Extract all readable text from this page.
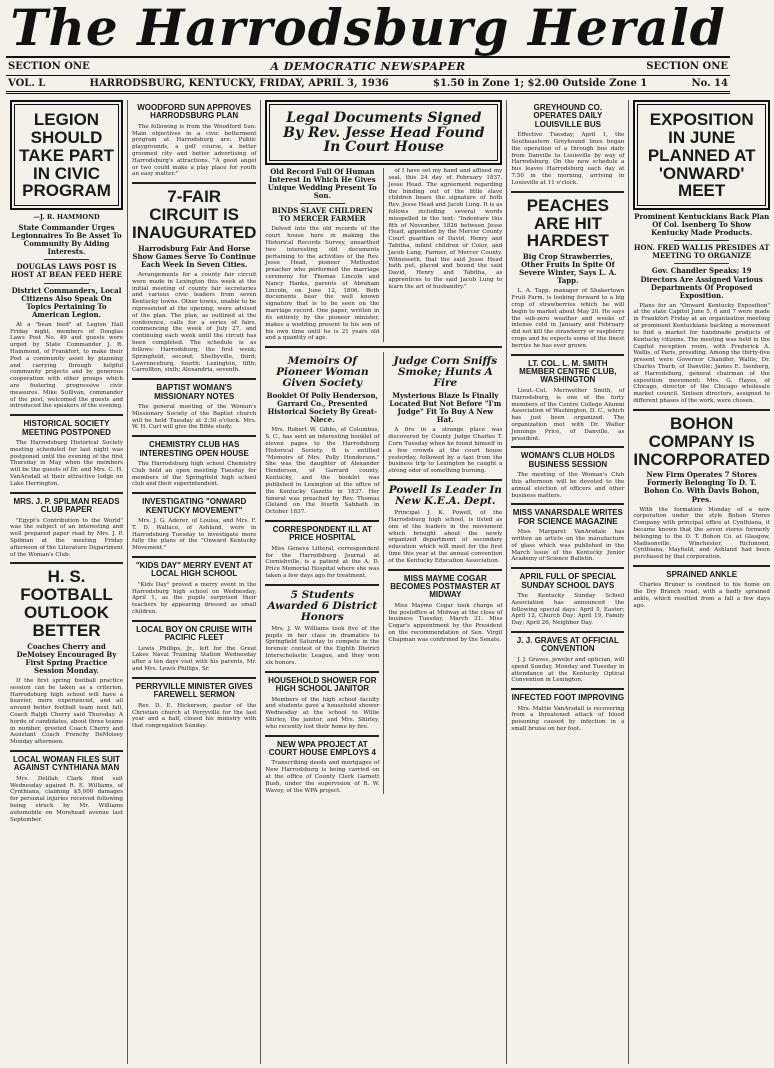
The Harrodsburg Herald
SECTION ONE	A DEMOCRATIC NEWSPAPER	SECTION ONE
VOL. L	HARRODSBURG, KENTUCKY, FRIDAY, APRIL 3, 1936	$1.50 in Zone 1; $2.00 Outside Zone 1	No. 14
LEGION SHOULD TAKE PART IN CIVIC PROGRAM
—J. R. HAMMOND
State Commander Urges Legionnaires To Be Asset To Community By Aiding Interests.
DOUGLAS LAWS POST IS HOST AT BEAN FEED HERE
District Commanders, Local Citizens Also Speak On Topics Pertaining To American Legion.

At a "bean feed" at Legion Hall Friday night, members of Douglas Laws Post No. 49 and guests were urged by State Commander J. R. Hammond, of Frankfort, to make their Post a community asset by planning and carrying through helpful community projects and by generous cooperation with other groups which are fostering progressive civic measures. Mike Sullivan, commander of the post, welcomed the guests and introduced the speakers of the evening.

HISTORICAL SOCIETY MEETING POSTPONED

The Harrodsburg Historical Society meeting scheduled for last night was postponed until the evening of the first Thursday in May when the members will be the guests of Dr. and Mrs. C. H. VanArsdall at their attractive lodge on Lake Herrington.

MRS. J. P. SPILMAN READS CLUB PAPER

"Egypt's Contribution to the World" was the subject of an interesting and well prepared paper read by Mrs. J. P. Spilman at the meeting Friday afternoon of the Literature Department of the Woman's Club.

H. S. FOOTBALL OUTLOOK BETTER
Coaches Cherry and DeMoisey Encouraged By First Spring Practice Session Monday.

If the first spring football practice session can be taken as a criterion, Harrodsburg high school will have a heavier, more experienced, and all around better football team next fall, Coach Ralph Cherry said Thursday. A horde of candidates, about three teams in number, greeted Coach Cherry and Assistant Coach Frenchy DeMoisey Monday afternoon.

LOCAL WOMAN FILES SUIT AGAINST CYNTHIANA MAN

Mrs. Delilah Clark filed suit Wednesday against R. E. Williams, of Cynthiana, claiming $5,000 damages for personal injuries received following being struck by Mr. Williams automobile on Morehead avenue last September.

WOODFORD SUN APPROVES HARRODSBURG PLAN

The following is from the Woodford Sun: Main objectives in a civic betterment program at Harrodsburg are: Public playgrounds, a golf course, a better groomed city and better advertising of Harrodsburg's attractions. "A good angel or two could make a play place for youth an easy matter."

7-FAIR CIRCUIT IS INAUGURATED
Harrodsburg Fair And Horse Show Games Serve To Continue Each Week In Seven Cities.

Arrangements for a county fair circuit were made in Lexington this week at the initial meeting of county fair secretaries and various civic leaders from seven Kentucky towns. Other towns, unable to be represented at the opening, were advised of the plan. The plan, as outlined at the conference, calls for a series of fairs, commencing the week of July 27, and continuing each week until the circuit has been completed. The schedule is as follows: Harrodsburg, the first week; Springfield, second; Shelbyville, third; Lawrenceburg, fourth; Lexington, fifth; Carrollton, sixth; Alexandria, seventh.

BAPTIST WOMAN'S MISSIONARY NOTES

The general meeting of the Woman's Missionary Society of the Baptist church will be held Tuesday at 2:30 o'clock. Mrs. W. H. Curl will give the Bible study.

CHEMISTRY CLUB HAS INTERESTING OPEN HOUSE

The Harrodsburg high school Chemistry Club held an open meeting Tuesday for members of the Springfield high school club and their superintendent.

INVESTIGATING "ONWARD KENTUCKY MOVEMENT"

Mrs. J. G. Aderer, of Louisa, and Mrs. F. T. D. Wallace, of Ashland, were in Harrodsburg Tuesday to investigate more fully the plans of the "Onward Kentucky Movement."

"KIDS DAY" MERRY EVENT AT LOCAL HIGH SCHOOL

"Kids Day" proved a merry event in the Harrodsburg high school on Wednesday, April 1, as the pupils surprised their teachers by appearing dressed as small children.

LOCAL BOY ON CRUISE WITH PACIFIC FLEET

Lewis Phillips, Jr., left for the Great Lakes Naval Training Station Wednesday after a ten days visit with his parents, Mr. and Mrs. Lewis Phillips, Sr.

PERRYVILLE MINISTER GIVES FAREWELL SERMON

Rev. D. E. Hickerson, pastor of the Christian church at Perryville for the last year and a half, closed his ministry with that congregation Sunday.

Legal Documents Signed By Rev. Jesse Head Found In Court House
Old Record Full Of Human Interest In Which He Gives Unique Wedding Present To Son.
BINDS SLAVE CHILDREN TO MERCER FARMER

Delved into the old records of the court house here in making the Historical Records Survey, unearthed two interesting old documents pertaining to the activities of the Rev. Jesse Head, pioneer Methodist preacher who performed the marriage ceremony for Thomas Lincoln and Nancy Hanks, parents of Abraham Lincoln, on June 12, 1806. Both documents bear the well known signature that is to be seen on the marriage record. One paper, written in its entirety by the pioneer minister, makes a wedding present to his son of his own time until he is 21 years old and a quantity of age.

of I have set my hand and affixed my seal, this 24 day of February 1837. Jesse Head. The agreement regarding the binding out of the little slave children bears the signature of both Rev. Jesse Head and Jacob Lung. It is as follows including several words misspelled in the text: "Indenture this 8th of November, 1826 between Jesse Head, appointed by the Mercer County Court guardian of David, Henry and Tabitha, infant children of Color, and Jacob Lung, Farmer, of Mercer County. Witnesseth, that the said Jesse Head hath put, placed and bound the said David, Henry and Tabitha, as apprentices to the said Jacob Lung to learn the art of husbandry."

Memoirs Of Pioneer Woman Given Society
Booklet Of Polly Henderson, Garrard Co., Presented Historical Society By Great-Niece.

Mrs. Robert W. Gibbs, of Columbus, S. C., has sent an interesting booklet of eleven pages to the Harrodsburg Historical Society. It is entitled "Memoirs of Mrs. Polly Henderson." She was the daughter of Alexander Henderson, of Garrard county, Kentucky, and the booklet was published in Lexington at the office of the Kentucky Gazette in 1837. Her funeral was preached by Rev. Thomas Cleland on the fourth Sabbath in October 1837.

CORRESPONDENT ILL AT PRICE HOSPITAL

Miss Geneva Litteral, correspondent for the Harrodsburg Journal at Cornishville, is a patient at the A. D. Price Memorial Hospital where she was taken a few days ago for treatment.

5 Students Awarded 6 District Honors

Mrs. J. W. Williams took five of the pupils in her class in dramatics to Springfield Saturday to compete in the forensic contest of the Eighth District Interscholastic League, and they won six honors.

HOUSEHOLD SHOWER FOR HIGH SCHOOL JANITOR

Members of the high school faculty and students gave a household shower Wednesday at the school to Willie Shirley, the janitor, and Mrs. Shirley, who recently lost their home by fire.

NEW WPA PROJECT AT COURT HOUSE EMPLOYS 4

Transcribing deeds and mortgages of New Harrodsburg is being carried on at the office of County Clerk Garnett Bush, under the supervision of R. W. Wavey, of the WPA project.

Judge Corn Sniffs Smoke; Hunts A Fire
Mysterious Blaze Is Finally Located But Not Before "I'm Judge" Fit To Buy A New Hat.

A fire in a strange place was discovered by County Judge Charles T. Corn Tuesday when he found himself in a few crowds at the court house yesterday, followed by a taxi from the business trip to Lexington he caught a strong odor of something burning.

Powell Is Leader In New K.E.A. Dept.

Principal J. K. Powell, of the Harrodsburg high school, is listed as one of the leaders in the movement which brought about the newly organized department of secondary education which will meet for the first time this year at the annual convention of the Kentucky Education Association.

MISS MAYME COGAR BECOMES POSTMASTER AT MIDWAY

Miss Mayme Cogar took charge of the postoffice at Midway at the close of business Tuesday, March 31. Miss Cogar's appointment by the President on the recommendation of Sen. Virgil Chapman was confirmed by the Senate.

GREYHOUND CO. OPERATES DAILY LOUISVILLE BUS

Effective Tuesday, April 1, the Southeastern Greyhound lines began the operation of a through bus daily from Danville to Louisville by way of Harrodsburg. On the new schedule a bus leaves Harrodsburg each day at 7:50 in the morning, arriving in Louisville at 11 o'clock.

PEACHES ARE HIT HARDEST
Big Crop Strawberries, Other Fruits In Spite Of Severe Winter, Says L. A. Tapp.

L. A. Tapp, manager of Shakertown Fruit Farm, is looking forward to a big crop of strawberries which he will begin to market about May 20. He says the sub-zero weather and weeks of intense cold in January and February did not kill the strawberry or raspberry crops and he expects some of the finest berries he has ever grown.

LT. COL. L. M. SMITH MEMBER CENTRE CLUB, WASHINGTON

Lieut.-Col. Meriwether Smith, of Harrodsburg, is one of the forty members of the Centre College Alumni Association of Washington, D. C., which has just been organized. The organization met with Dr. Walter Jennings Price, of Danville, as president.

WOMAN'S CLUB HOLDS BUSINESS SESSION

The meeting of the Woman's Club this afternoon will be devoted to the annual election of officers and other business matters.

MISS VANARSDALE WRITES FOR SCIENCE MAGAZINE

Miss Margaret VanArsdale has written an article on the manufacture of glass which was published in the March issue of the Kentucky Junior Academy of Science Bulletin.

APRIL FULL OF SPECIAL SUNDAY SCHOOL DAYS

The Kentucky Sunday School Association has announced the following special days: April 5, Easter; April 12, Church Day; April 19, Family Day; April 26, Neighbor Day.

J. J. GRAVES AT OFFICIAL CONVENTION

J. J. Graves, jeweler and optician, will spend Sunday, Monday and Tuesday in attendance at the Kentucky Optical Convention in Lexington.

INFECTED FOOT IMPROVING

Mrs. Mattie VanArsdall is recovering from a threatened attack of blood poisoning caused by infection in a small bruise on her foot.

EXPOSITION IN JUNE PLANNED AT 'ONWARD' MEET
Prominent Kentuckians Back Plan Of Col. Isenberg To Show Kentucky Made Products.
HON. FRED WALLIS PRESIDES AT MEETING TO ORGANIZE
Gov. Chandler Speaks; 19 Directors Are Assigned Various Departments Of Proposed Exposition.

Plans for an "Onward Kentucky Exposition" at the state Capitol June 5, 6 and 7 were made in Frankfort Friday at an organization meeting of prominent Kentuckians backing a movement to find a market for handmade products of Kentucky citizens. The meeting was held in the Capitol reception room, with Frederick A. Wallis, of Paris, presiding. Among the thirty-five present were Governor Chandler, Wallis, Dr. Charles Thurb, of Danville; James E. Isenberg, of Harrodsburg, general chairman of the exposition movement; Mrs. G. Hayes, of Chicago, director of the Chicago wholesale market council. Sixteen directors, assigned to different phases of the work, were chosen.

BOHON COMPANY IS INCORPORATED
New Firm Operates 7 Stores Formerly Belonging To D. T. Bohon Co. With Davis Bohon, Pres.

With the formation Monday of a new corporation under the style Bohon Stores Company with principal office at Cynthiana, it became known that the seven stores formerly belonging to the D. T. Bohon Co. at Glasgow, Madisonville, Winchester, Richmond, Cynthiana, Mayfield, and Ashland had been purchased by that corporation.

SPRAINED ANKLE

Charles Bruner is confined to his home on the Dry Branch road, with a badly sprained ankle, which resulted from a fall a few days ago.
